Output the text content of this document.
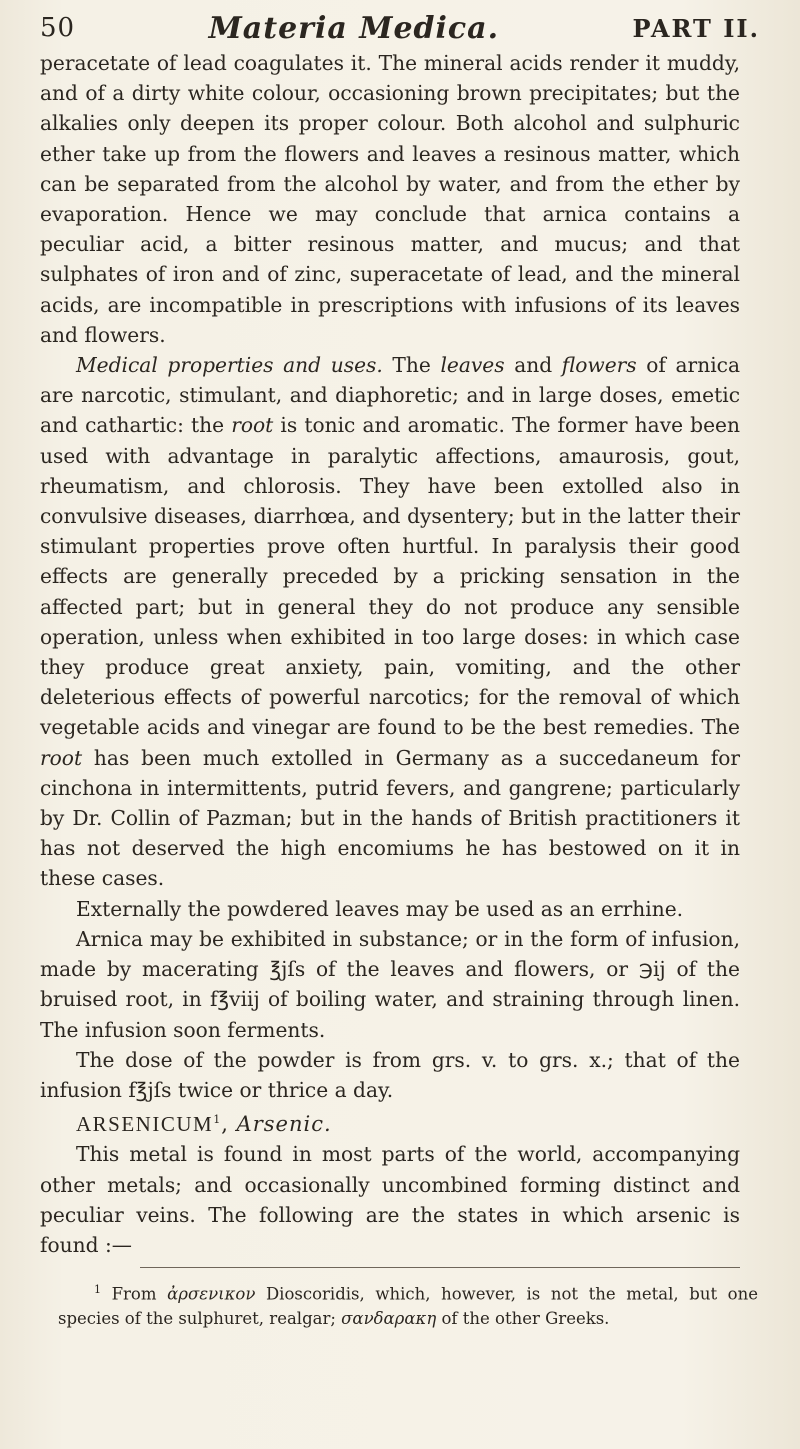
50	Materia Medica.	PART II.

peracetate of lead coagulates it. The mineral acids render it muddy, and of a dirty white colour, occasioning brown precipitates; but the alkalies only deepen its proper colour. Both alcohol and sulphuric ether take up from the flowers and leaves a resinous matter, which can be separated from the alcohol by water, and from the ether by evaporation. Hence we may conclude that arnica contains a peculiar acid, a bitter resinous matter, and mucus; and that sulphates of iron and of zinc, superacetate of lead, and the mineral acids, are incompatible in prescriptions with infusions of its leaves and flowers.

Medical properties and uses. The leaves and flowers of arnica are narcotic, stimulant, and diaphoretic; and in large doses, emetic and cathartic: the root is tonic and aromatic. The former have been used with advantage in paralytic affections, amaurosis, gout, rheumatism, and chlorosis. They have been extolled also in convulsive diseases, diarrhœa, and dysentery; but in the latter their stimulant properties prove often hurtful. In paralysis their good effects are generally preceded by a pricking sensation in the affected part; but in general they do not produce any sensible operation, unless when exhibited in too large doses: in which case they produce great anxiety, pain, vomiting, and the other deleterious effects of powerful narcotics; for the removal of which vegetable acids and vinegar are found to be the best remedies. The root has been much extolled in Germany as a succedaneum for cinchona in intermittents, putrid fevers, and gangrene; particularly by Dr. Collin of Pazman; but in the hands of British practitioners it has not deserved the high encomiums he has bestowed on it in these cases.

Externally the powdered leaves may be used as an errhine.

Arnica may be exhibited in substance; or in the form of infusion, made by macerating ℥jſs of the leaves and flowers, or ℈ij of the bruised root, in f℥viij of boiling water, and straining through linen. The infusion soon ferments.

The dose of the powder is from grs. v. to grs. x.; that of the infusion f℥jſs twice or thrice a day.

ARSENICUM$^1$, Arsenic.

This metal is found in most parts of the world, accompanying other metals; and occasionally uncombined forming distinct and peculiar veins. The following are the states in which arsenic is found :—

$^1$ From ἀρσενικον Dioscoridis, which, however, is not the metal, but one species of the sulphuret, realgar; σανδαρακη of the other Greeks.
